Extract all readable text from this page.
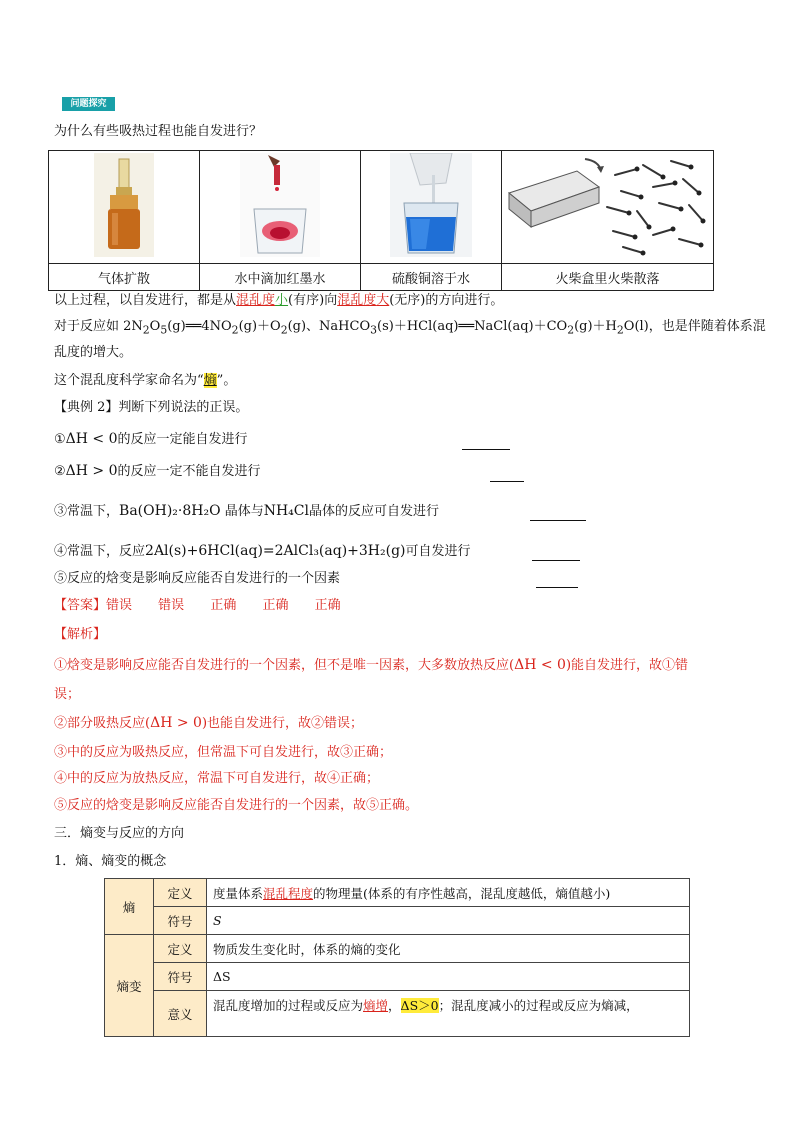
问题探究
为什么有些吸热过程也能自发进行？

气体扩散	水中滴加红墨水	硫酸铜溶于水	火柴盒里火柴散落
以上过程，以自发进行，都是从混乱度小(有序)向混乱度大(无序)的方向进行。
对于反应如 $2N_2O_5(g)══4NO_2(g)+O_2(g)$、$NaHCO_3(s)+HCl(aq)══NaCl(aq)+CO_2(g)+H_2O(l)$，也是伴随着体系混
乱度的增大。
这个混乱度科学家命名为“熵”。
【典例 2】判断下列说法的正误。
①ΔH < 0的反应一定能自发进行
②ΔH > 0的反应一定不能自发进行
③常温下，Ba(OH)₂·8H₂O 晶体与NH₄Cl晶体的反应可自发进行
④常温下，反应2Al(s)+6HCl(aq)=2AlCl₃(aq)+3H₂(g)可自发进行
⑤反应的焓变是影响反应能否自发进行的一个因素
【答案】错误 错误 正确 正确 正确
【解析】
①焓变是影响反应能否自发进行的一个因素，但不是唯一因素，大多数放热反应(ΔH < 0)能自发进行，故①错
误；
②部分吸热反应(ΔH > 0)也能自发进行，故②错误；
③中的反应为吸热反应，但常温下可自发进行，故③正确；
④中的反应为放热反应，常温下可自发进行，故④正确；
⑤反应的焓变是影响反应能否自发进行的一个因素，故⑤正确。
三．熵变与反应的方向
1．熵、熵变的概念
熵	定义	度量体系混乱程度的物理量(体系的有序性越高，混乱度越低，熵值越小)
	符号	S
熵变	定义	物质发生变化时，体系的熵的变化
	符号	ΔS
	意义	混乱度增加的过程或反应为熵增，ΔS＞0；混乱度减小的过程或反应为熵减，
